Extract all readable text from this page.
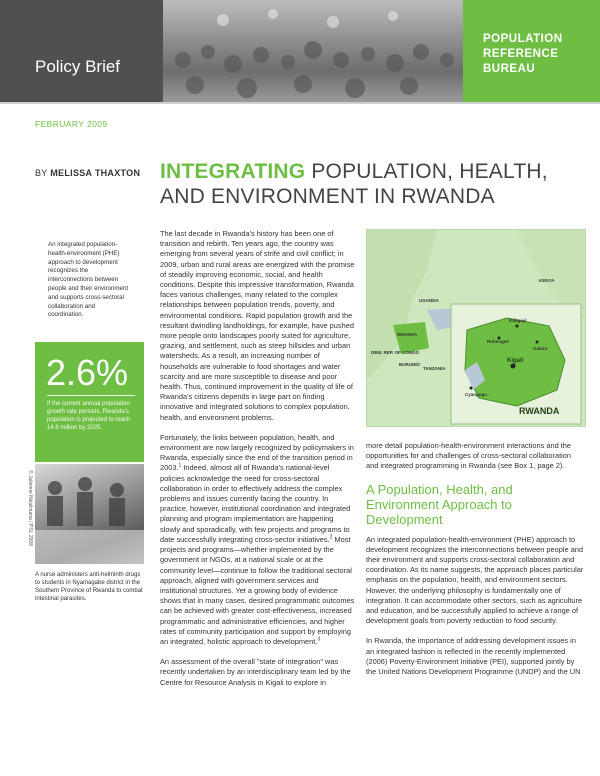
Policy Brief
POPULATION
REFERENCE
BUREAU
FEBRUARY 2009
BY MELISSA THAXTON INTEGRATING POPULATION, HEALTH,
AND ENVIRONMENT IN RWANDA
An integrated population-health-environment (PHE) approach to development recognizes the interconnections between people and their environment and supports cross-sectoral collaboration and coordination.
2.6%
If the current annual population growth rate persists, Rwanda's population is projected to reach 14.6 million by 2025.
© Julienne Nikalimana / PSI, 2008
A nurse administers anti-helminth drugs to students in Nyamagabe district in the Southern Province of Rwanda to combat intestinal parasites.

The last decade in Rwanda's history has been one of transition and rebirth. Ten years ago, the country was emerging from several years of strife and civil conflict; in 2009, urban and rural areas are energized with the promise of steadily improving economic, social, and health conditions. Despite this impressive transformation, Rwanda faces various challenges, many related to the complex relationships between population trends, poverty, and environmental conditions. Rapid population growth and the resultant dwindling landholdings, for example, have pushed more people onto landscapes poorly suited for agriculture, grazing, and settlement, such as steep hillsides and urban watersheds. As a result, an increasing number of households are vulnerable to food shortages and water scarcity and are more susceptible to disease and poor health. Thus, continued improvement in the quality of life of Rwanda's citizens depends in large part on finding innovative and integrated solutions to complex population, health, and environment problems.

Fortunately, the links between population, health, and environment are now largely recognized by policymakers in Rwanda, especially since the end of the transition period in 2003.$^1$ Indeed, almost all of Rwanda's national-level policies acknowledge the need for cross-sectoral collaboration in order to effectively address the complex problems and issues currently facing the country. In practice, however, institutional coordination and integrated planning and program implementation are happening slowly and sporadically, with few projects and programs to date successfully integrating cross-sector initiatives.$^2$ Most projects and programs—whether implemented by the government or NGOs, at a national scale or at the community level—continue to follow the traditional sectoral approach, aligned with government services and institutional structures. Yet a growing body of evidence shows that in many cases, desired programmatic outcomes can be achieved with greater cost-effectiveness, increased programmatic and administrative efficiencies, and higher rates of community participation and support by employing an integrated, holistic approach to development.$^3$

An assessment of the overall "state of integration" was recently undertaken by an interdisciplinary team led by the Centre for Resource Analysis in Kigali to explore in

UGANDA
KENYA
RWANDA
DEM. REP. OF CONGO
BURUNDI
TANZANIA
Kabgayi
Ruhengeri
Gabiro
Cyangugu
Kigali
RWANDA

more detail population-health-environment interactions and the opportunities for and challenges of cross-sectoral collaboration and integrated programming in Rwanda (see Box 1, page 2).

A Population, Health, and Environment Approach to Development

An integrated population-health-environment (PHE) approach to development recognizes the interconnections between people and their environment and supports cross-sectoral collaboration and coordination. As its name suggests, the approach places particular emphasis on the population, health, and environment sectors. However, the underlying philosophy is fundamentally one of integration. It can accommodate other sectors, such as agriculture and education, and be successfully applied to achieve a range of development goals from poverty reduction to food security.

In Rwanda, the importance of addressing development issues in an integrated fashion is reflected in the recently implemented (2006) Poverty-Environment Initiative (PEI), supported jointly by the United Nations Development Programme (UNDP) and the UN
